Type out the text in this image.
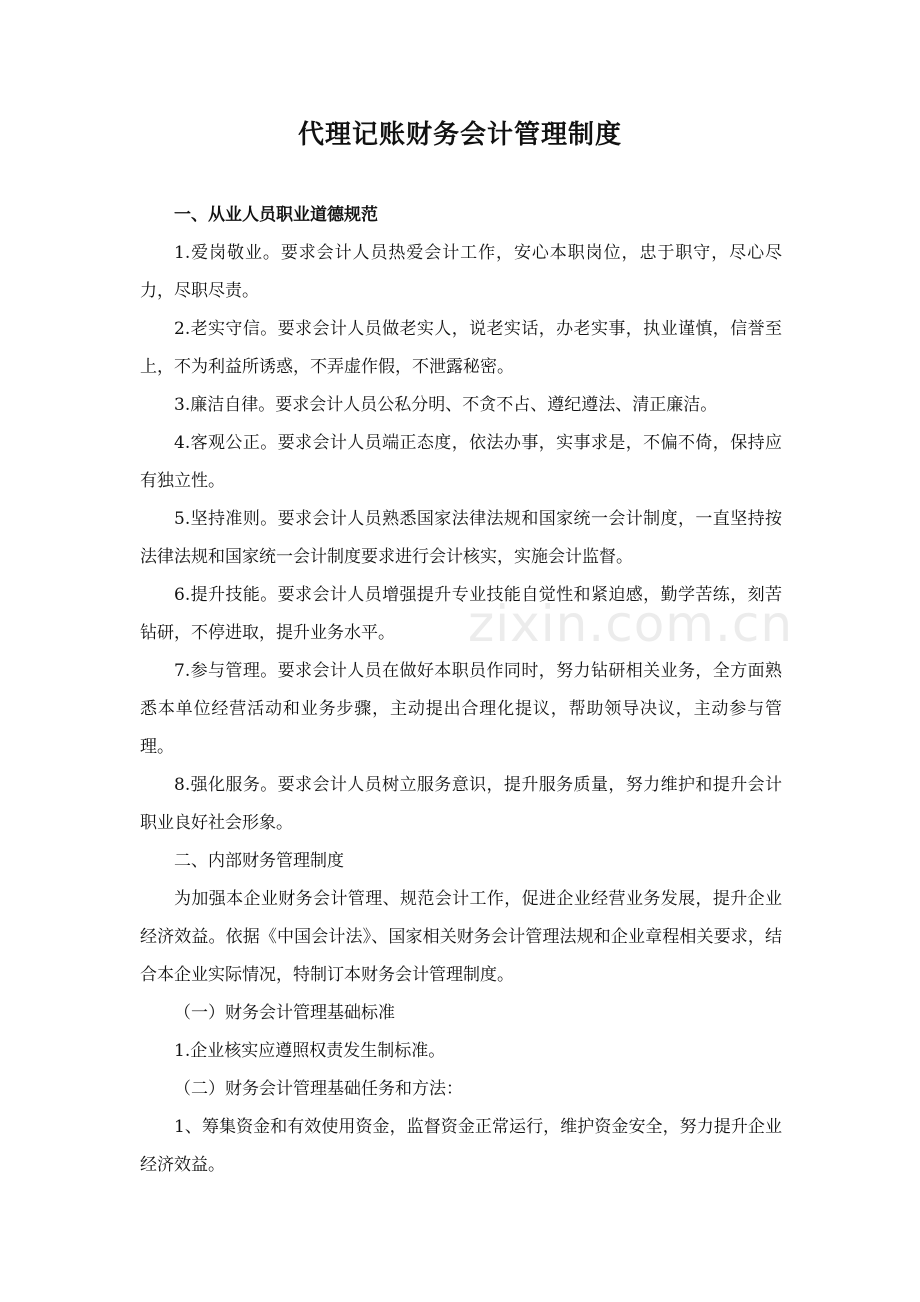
代理记账财务会计管理制度

一、从业人员职业道德规范

1.爱岗敬业。要求会计人员热爱会计工作，安心本职岗位，忠于职守，尽心尽力，尽职尽责。

2.老实守信。要求会计人员做老实人，说老实话，办老实事，执业谨慎，信誉至上，不为利益所诱惑，不弄虚作假，不泄露秘密。

3.廉洁自律。要求会计人员公私分明、不贪不占、遵纪遵法、清正廉洁。

4.客观公正。要求会计人员端正态度，依法办事，实事求是，不偏不倚，保持应有独立性。

5.坚持准则。要求会计人员熟悉国家法律法规和国家统一会计制度，一直坚持按法律法规和国家统一会计制度要求进行会计核实，实施会计监督。

6.提升技能。要求会计人员增强提升专业技能自觉性和紧迫感，勤学苦练，刻苦钻研，不停进取，提升业务水平。

7.参与管理。要求会计人员在做好本职员作同时，努力钻研相关业务，全方面熟悉本单位经营活动和业务步骤，主动提出合理化提议，帮助领导决议，主动参与管理。

8.强化服务。要求会计人员树立服务意识，提升服务质量，努力维护和提升会计职业良好社会形象。

二、内部财务管理制度

为加强本企业财务会计管理、规范会计工作，促进企业经营业务发展，提升企业经济效益。依据《中国会计法》、国家相关财务会计管理法规和企业章程相关要求，结合本企业实际情况，特制订本财务会计管理制度。

（一）财务会计管理基础标准

1.企业核实应遵照权责发生制标准。

（二）财务会计管理基础任务和方法：

1、筹集资金和有效使用资金，监督资金正常运行，维护资金安全，努力提升企业经济效益。

zixin.com.cn
